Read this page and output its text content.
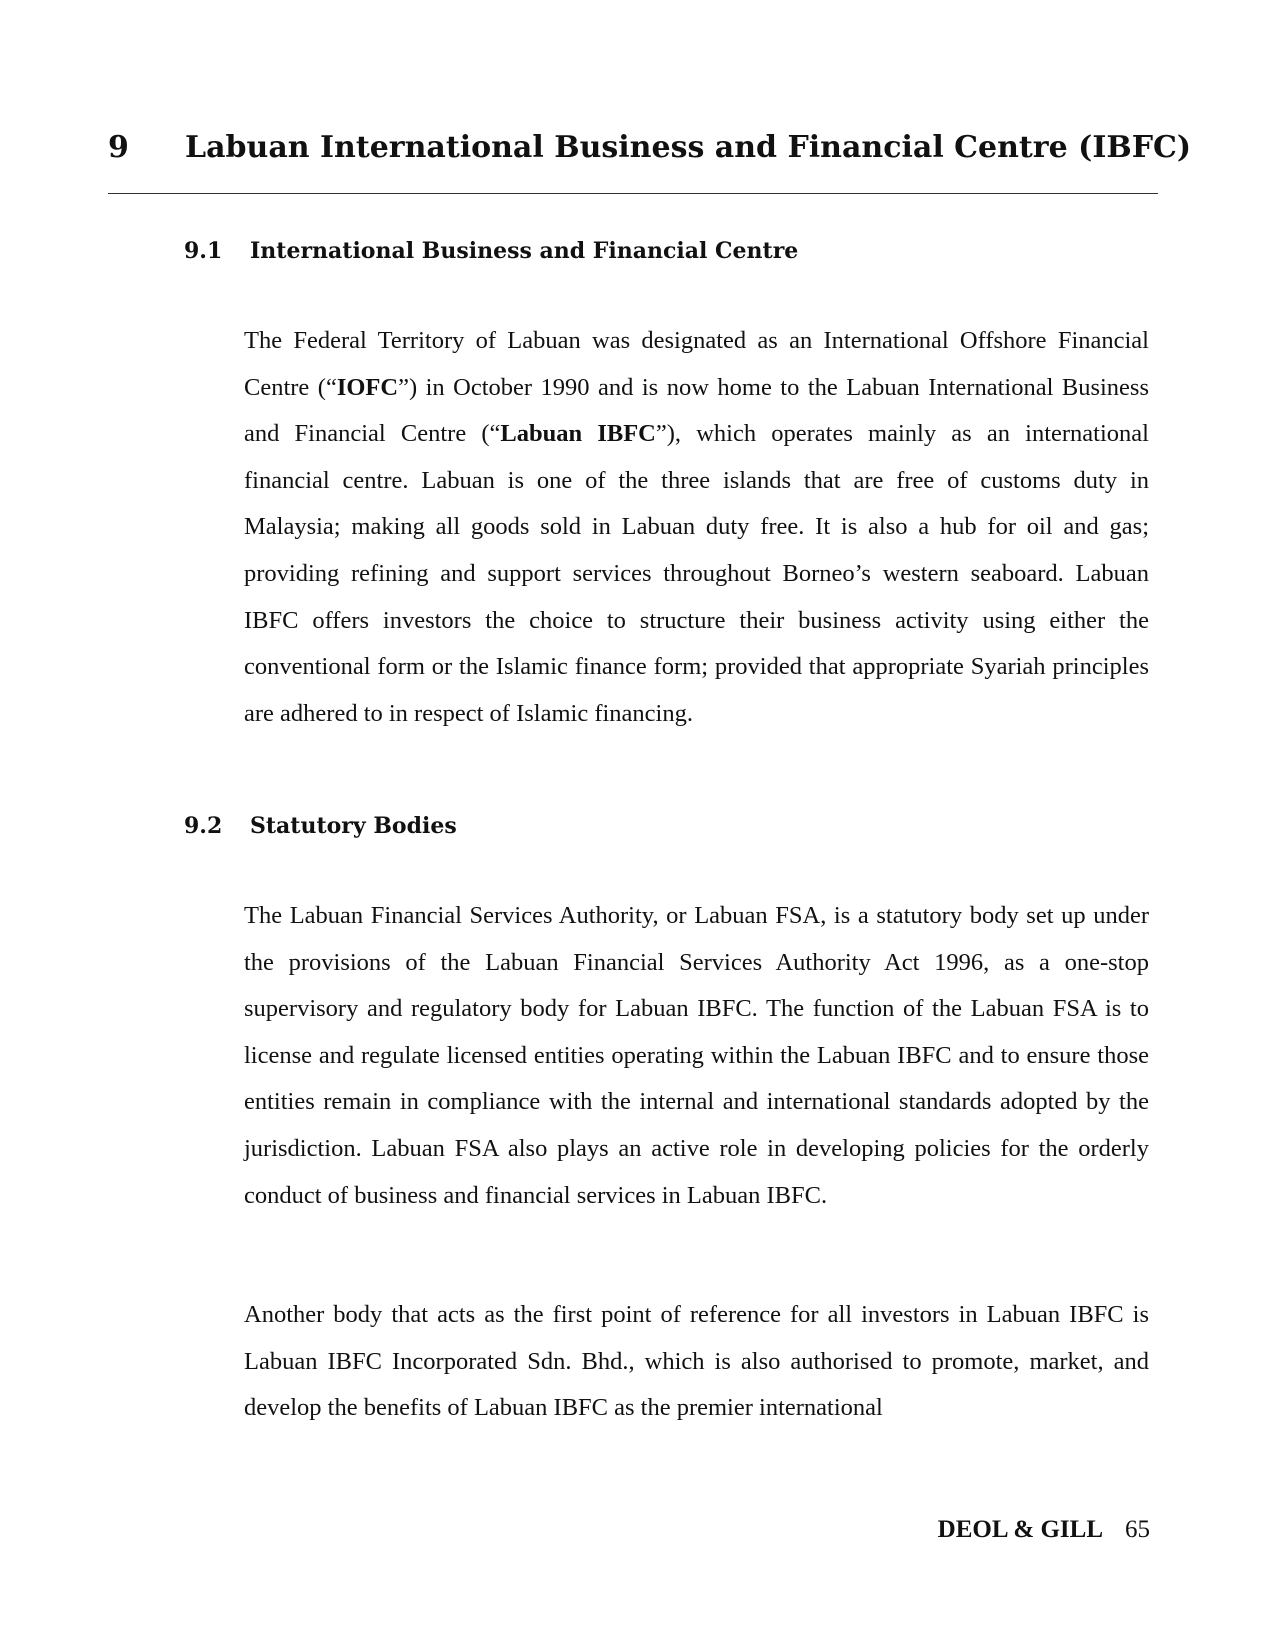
9 Labuan International Business and Financial Centre (IBFC)
9.1 International Business and Financial Centre

The Federal Territory of Labuan was designated as an International Offshore Financial Centre (“IOFC”) in October 1990 and is now home to the Labuan International Business and Financial Centre (“Labuan IBFC”), which operates mainly as an international financial centre. Labuan is one of the three islands that are free of customs duty in Malaysia; making all goods sold in Labuan duty free. It is also a hub for oil and gas; providing refining and support services throughout Borneo’s western seaboard. Labuan IBFC offers investors the choice to structure their business activity using either the conventional form or the Islamic finance form; provided that appropriate Syariah principles are adhered to in respect of Islamic financing.

9.2 Statutory Bodies

The Labuan Financial Services Authority, or Labuan FSA, is a statutory body set up under the provisions of the Labuan Financial Services Authority Act 1996, as a one-stop supervisory and regulatory body for Labuan IBFC. The function of the Labuan FSA is to license and regulate licensed entities operating within the Labuan IBFC and to ensure those entities remain in compliance with the internal and international standards adopted by the jurisdiction. Labuan FSA also plays an active role in developing policies for the orderly conduct of business and financial services in Labuan IBFC.

Another body that acts as the first point of reference for all investors in Labuan IBFC is Labuan IBFC Incorporated Sdn. Bhd., which is also authorised to promote, market, and develop the benefits of Labuan IBFC as the premier international

DEOL & GILL 65
